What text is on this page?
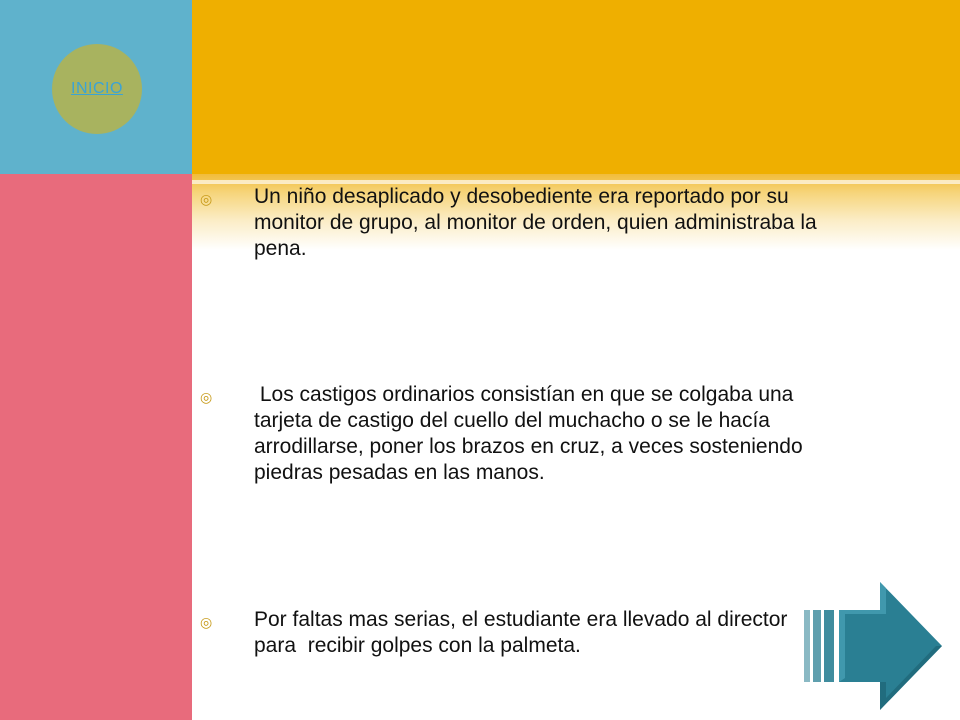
INICIO
◎	Un niño desaplicado y desobediente era reportado por su monitor de grupo, al monitor de orden, quien administraba la pena.
◎	Los castigos ordinarios consistían en que se colgaba una tarjeta de castigo del cuello del muchacho o se le hacía arrodillarse, poner los brazos en cruz, a veces sosteniendo piedras pesadas en las manos.
◎	Por faltas mas serias, el estudiante era llevado al director para  recibir golpes con la palmeta.
